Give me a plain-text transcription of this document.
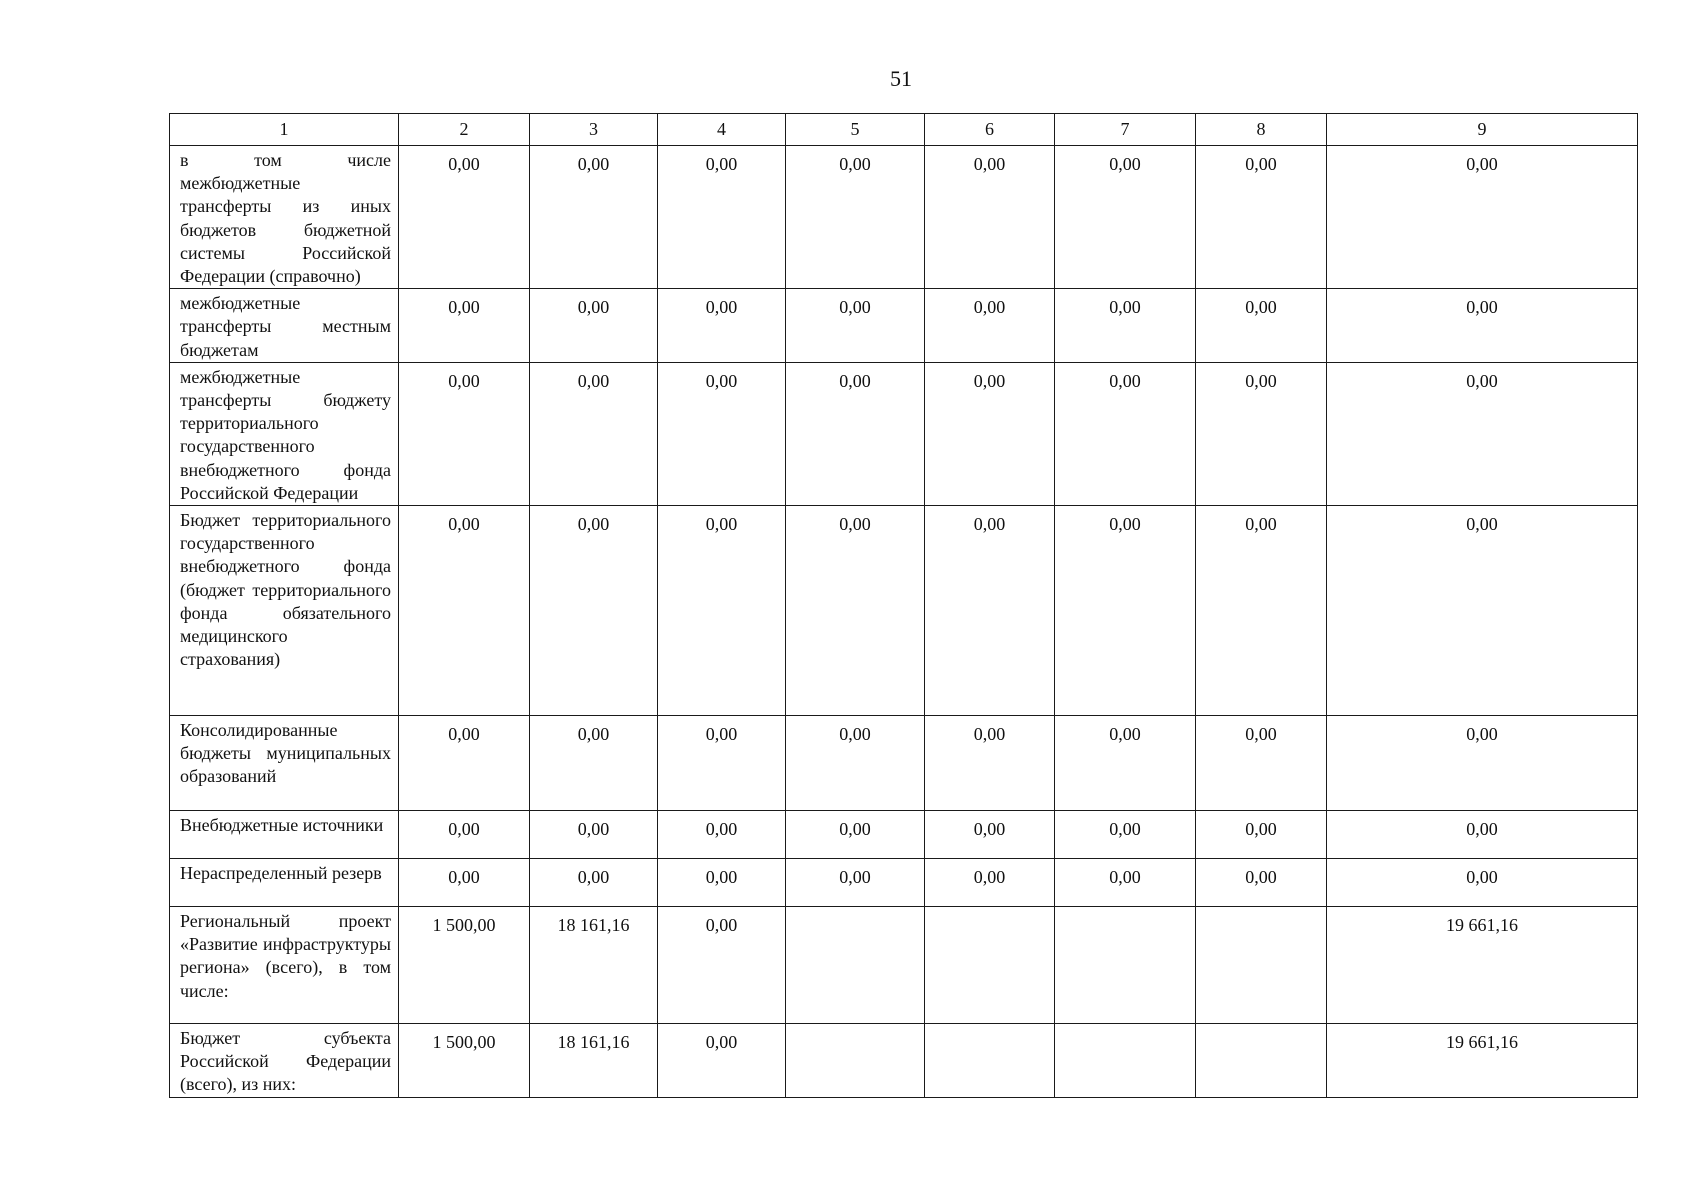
51
1	2	3	4	5	6	7	8	9
в том числе межбюджетные трансферты из иных бюджетов бюджетной системы Российской Федерации (справочно)	0,00	0,00	0,00	0,00	0,00	0,00	0,00	0,00
межбюджетные трансферты местным бюджетам	0,00	0,00	0,00	0,00	0,00	0,00	0,00	0,00
межбюджетные трансферты бюджету территориального государственного внебюджетного фонда Российской Федерации	0,00	0,00	0,00	0,00	0,00	0,00	0,00	0,00
Бюджет территориального государственного внебюджетного фонда (бюджет территориального фонда обязательного медицинского страхования)	0,00	0,00	0,00	0,00	0,00	0,00	0,00	0,00
Консолидированные бюджеты муниципальных образований	0,00	0,00	0,00	0,00	0,00	0,00	0,00	0,00
Внебюджетные источники	0,00	0,00	0,00	0,00	0,00	0,00	0,00	0,00
Нераспределенный резерв	0,00	0,00	0,00	0,00	0,00	0,00	0,00	0,00
Региональный проект «Развитие инфраструктуры региона» (всего), в том числе:	1 500,00	18 161,16	0,00					19 661,16
Бюджет субъекта Российской Федерации (всего), из них:	1 500,00	18 161,16	0,00					19 661,16
